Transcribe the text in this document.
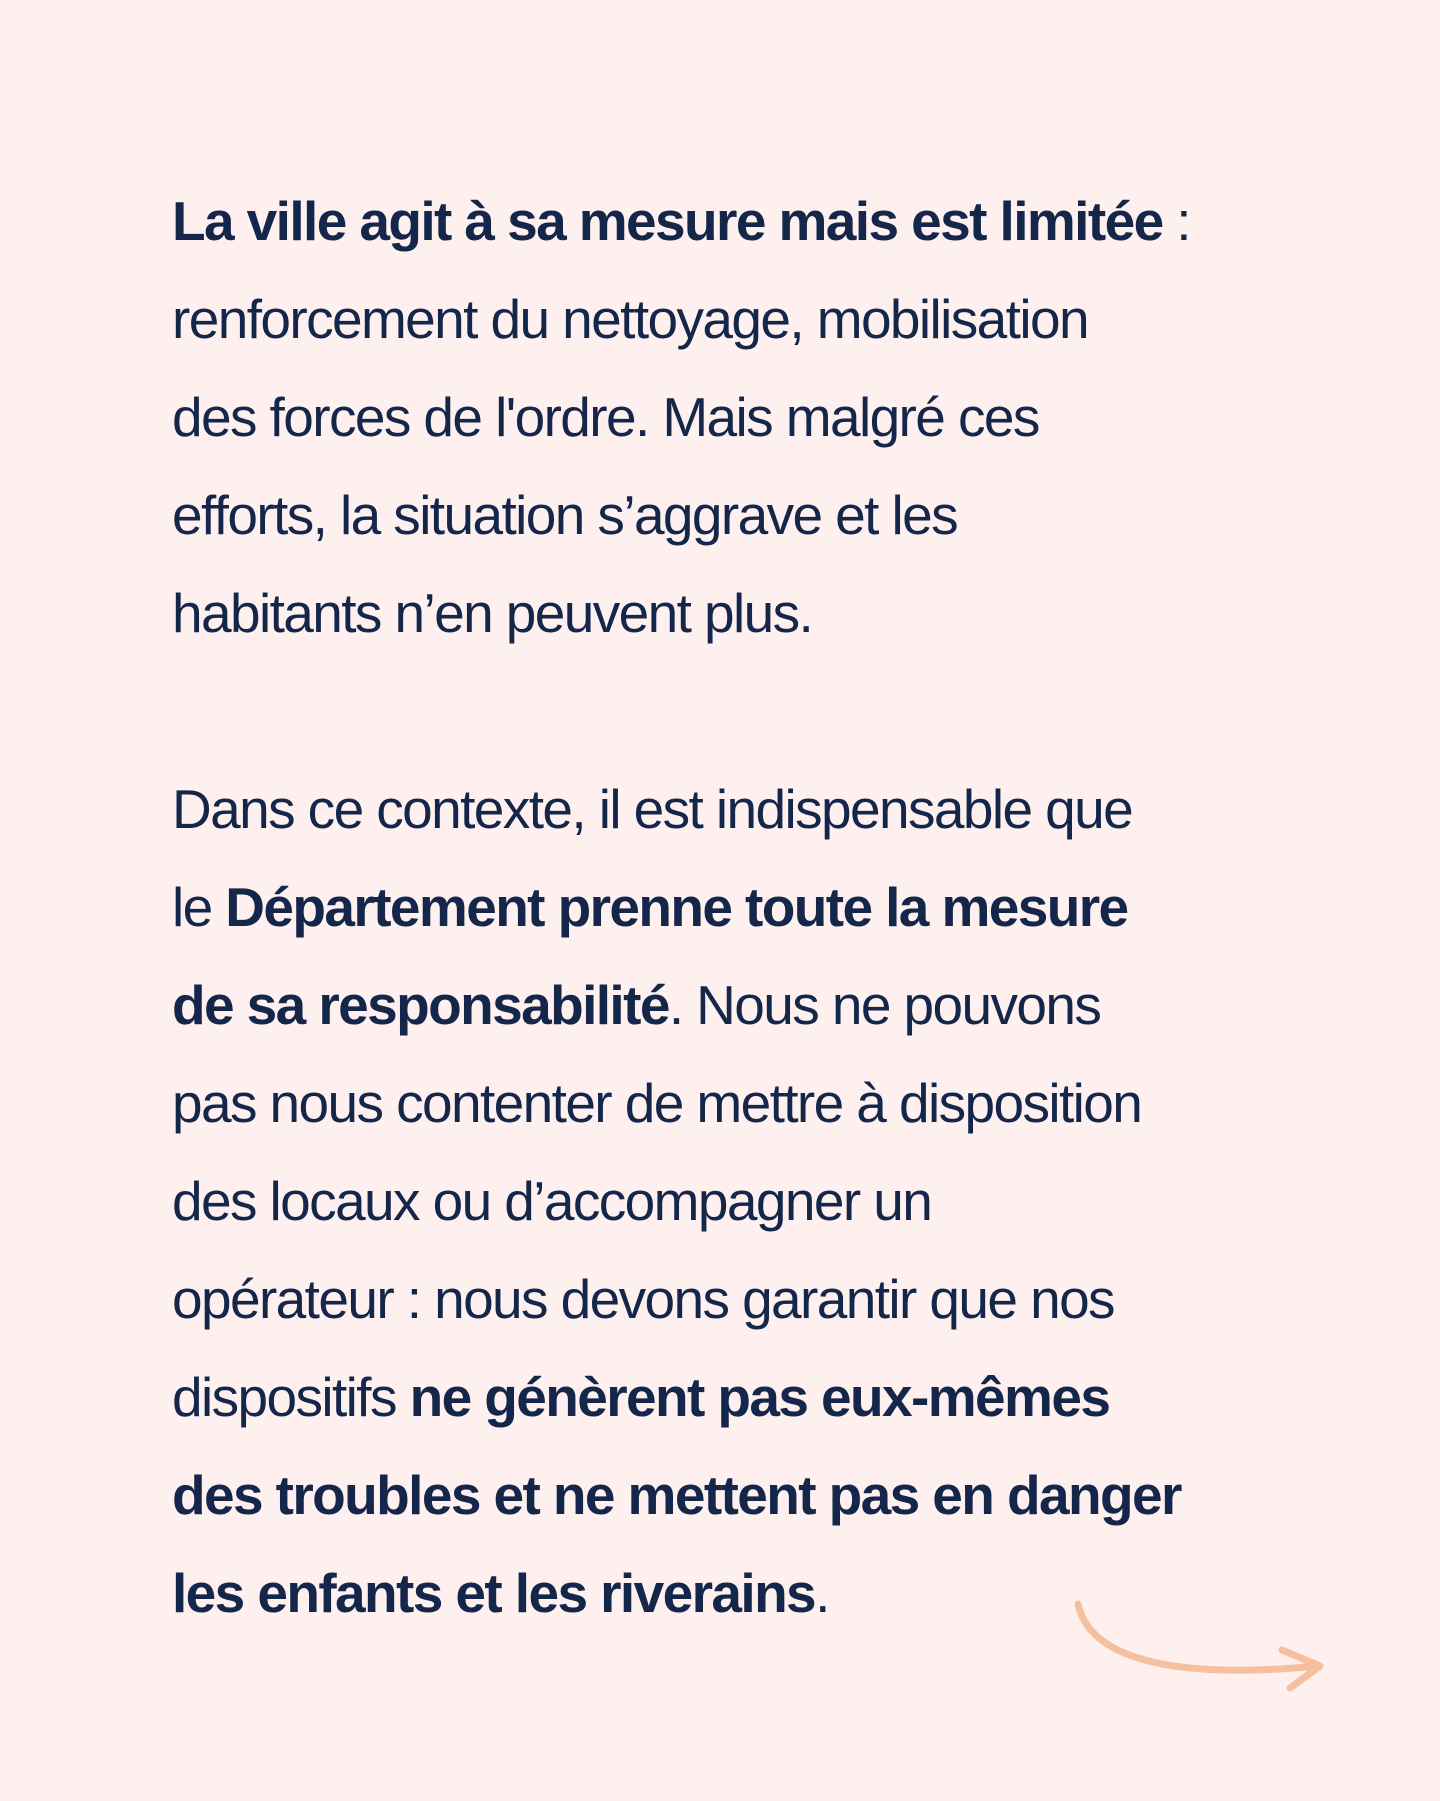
La ville agit à sa mesure mais est limitée :
renforcement du nettoyage, mobilisation
des forces de l'ordre. Mais malgré ces
efforts, la situation s’aggrave et les
habitants n’en peuvent plus.
Dans ce contexte, il est indispensable que
le Département prenne toute la mesure
de sa responsabilité. Nous ne pouvons
pas nous contenter de mettre à disposition
des locaux ou d’accompagner un
opérateur : nous devons garantir que nos
dispositifs ne génèrent pas eux-mêmes
des troubles et ne mettent pas en danger
les enfants et les riverains.
